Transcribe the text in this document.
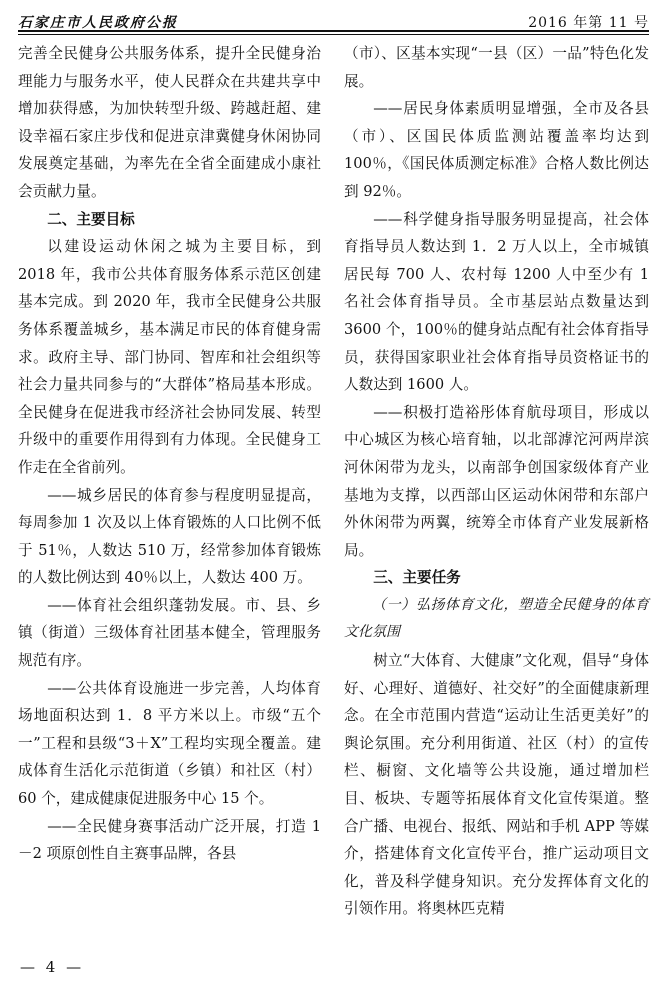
石家庄市人民政府公报	2016 年第 11 号

完善全民健身公共服务体系，提升全民健身治理能力与服务水平，使人民群众在共建共享中增加获得感，为加快转型升级、跨越赶超、建设幸福石家庄步伐和促进京津冀健身休闲协同发展奠定基础，为率先在全省全面建成小康社会贡献力量。

二、主要目标

以建设运动休闲之城为主要目标，到 2018 年，我市公共体育服务体系示范区创建基本完成。到 2020 年，我市全民健身公共服务体系覆盖城乡，基本满足市民的体育健身需求。政府主导、部门协同、智库和社会组织等社会力量共同参与的“大群体”格局基本形成。全民健身在促进我市经济社会协同发展、转型升级中的重要作用得到有力体现。全民健身工作走在全省前列。

——城乡居民的体育参与程度明显提高，每周参加 1 次及以上体育锻炼的人口比例不低于 51％，人数达 510 万，经常参加体育锻炼的人数比例达到 40％以上，人数达 400 万。

——体育社会组织蓬勃发展。市、县、乡镇（街道）三级体育社团基本健全，管理服务规范有序。

——公共体育设施进一步完善，人均体育场地面积达到 1．8 平方米以上。市级“五个一”工程和县级“3＋X”工程均实现全覆盖。建成体育生活化示范街道（乡镇）和社区（村）60 个，建成健康促进服务中心 15 个。

——全民健身赛事活动广泛开展，打造 1－2 项原创性自主赛事品牌，各县

（市）、区基本实现“一县（区）一品”特色化发展。

——居民身体素质明显增强，全市及各县（市）、区国民体质监测站覆盖率均达到 100％，《国民体质测定标准》合格人数比例达到 92％。

——科学健身指导服务明显提高，社会体育指导员人数达到 1．2 万人以上，全市城镇居民每 700 人、农村每 1200 人中至少有 1 名社会体育指导员。全市基层站点数量达到 3600 个，100％的健身站点配有社会体育指导员，获得国家职业社会体育指导员资格证书的人数达到 1600 人。

——积极打造裕彤体育航母项目，形成以中心城区为核心培育轴，以北部滹沱河两岸滨河休闲带为龙头，以南部争创国家级体育产业基地为支撑，以西部山区运动休闲带和东部户外休闲带为两翼，统筹全市体育产业发展新格局。

三、主要任务

（一）弘扬体育文化，塑造全民健身的体育文化氛围

树立“大体育、大健康”文化观，倡导“身体好、心理好、道德好、社交好”的全面健康新理念。在全市范围内营造“运动让生活更美好”的舆论氛围。充分利用街道、社区（村）的宣传栏、橱窗、文化墙等公共设施，通过增加栏目、板块、专题等拓展体育文化宣传渠道。整合广播、电视台、报纸、网站和手机 APP 等媒介，搭建体育文化宣传平台，推广运动项目文化，普及科学健身知识。充分发挥体育文化的引领作用。将奥林匹克精

— 4 —
